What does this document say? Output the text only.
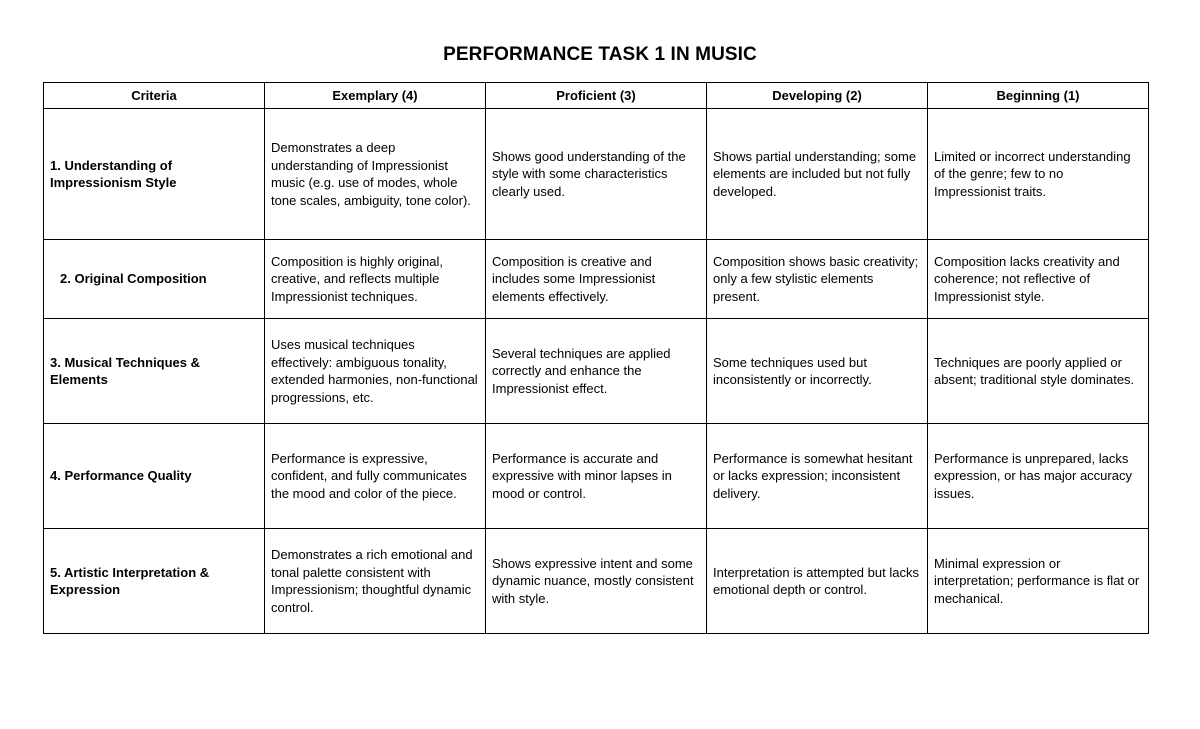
PERFORMANCE TASK 1 IN MUSIC
Criteria	Exemplary (4)	Proficient (3)	Developing (2)	Beginning (1)
1. Understanding of Impressionism Style	Demonstrates a deep understanding of Impressionist music (e.g. use of modes, whole tone scales, ambiguity, tone color).	Shows good understanding of the style with some characteristics clearly used.	Shows partial understanding; some elements are included but not fully developed.	Limited or incorrect understanding of the genre; few to no Impressionist traits.
2. Original Composition	Composition is highly original, creative, and reflects multiple Impressionist techniques.	Composition is creative and includes some Impressionist elements effectively.	Composition shows basic creativity; only a few stylistic elements present.	Composition lacks creativity and coherence; not reflective of Impressionist style.
3. Musical Techniques & Elements	Uses musical techniques effectively: ambiguous tonality, extended harmonies, non-functional progressions, etc.	Several techniques are applied correctly and enhance the Impressionist effect.	Some techniques used but inconsistently or incorrectly.	Techniques are poorly applied or absent; traditional style dominates.
4. Performance Quality	Performance is expressive, confident, and fully communicates the mood and color of the piece.	Performance is accurate and expressive with minor lapses in mood or control.	Performance is somewhat hesitant or lacks expression; inconsistent delivery.	Performance is unprepared, lacks expression, or has major accuracy issues.
5. Artistic Interpretation & Expression	Demonstrates a rich emotional and tonal palette consistent with Impressionism; thoughtful dynamic control.	Shows expressive intent and some dynamic nuance, mostly consistent with style.	Interpretation is attempted but lacks emotional depth or control.	Minimal expression or interpretation; performance is flat or mechanical.
